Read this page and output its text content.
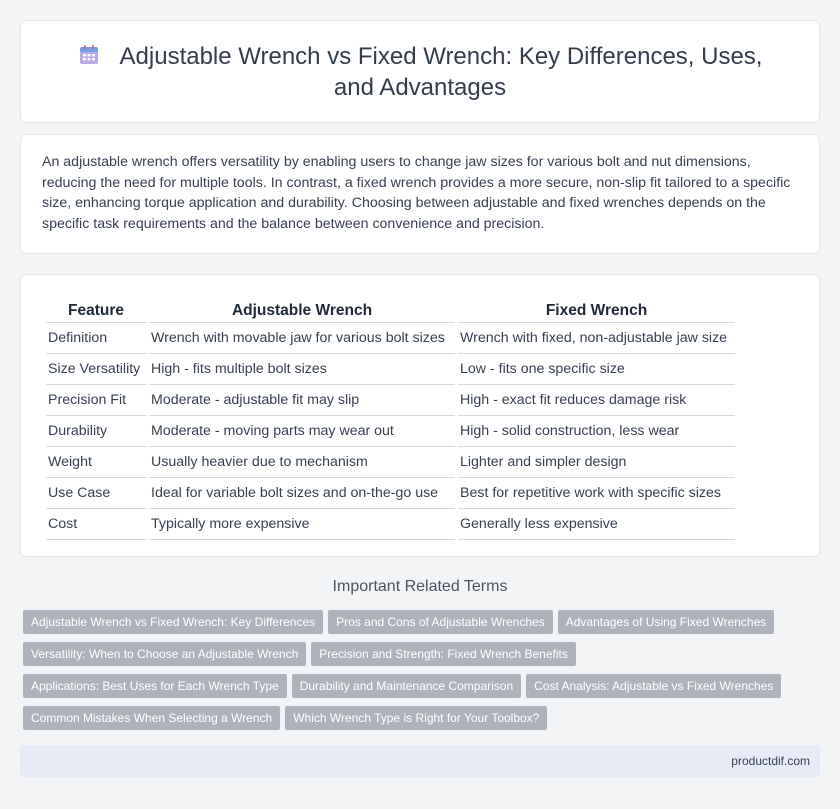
Adjustable Wrench vs Fixed Wrench: Key Differences, Uses, and Advantages

An adjustable wrench offers versatility by enabling users to change jaw sizes for various bolt and nut dimensions, reducing the need for multiple tools. In contrast, a fixed wrench provides a more secure, non-slip fit tailored to a specific size, enhancing torque application and durability. Choosing between adjustable and fixed wrenches depends on the specific task requirements and the balance between convenience and precision.

Feature	Adjustable Wrench	Fixed Wrench
Definition	Wrench with movable jaw for various bolt sizes	Wrench with fixed, non-adjustable jaw size
Size Versatility	High - fits multiple bolt sizes	Low - fits one specific size
Precision Fit	Moderate - adjustable fit may slip	High - exact fit reduces damage risk
Durability	Moderate - moving parts may wear out	High - solid construction, less wear
Weight	Usually heavier due to mechanism	Lighter and simpler design
Use Case	Ideal for variable bolt sizes and on-the-go use	Best for repetitive work with specific sizes
Cost	Typically more expensive	Generally less expensive
Important Related Terms
Adjustable Wrench vs Fixed Wrench: Key Differences Pros and Cons of Adjustable Wrenches Advantages of Using Fixed Wrenches
Versatility: When to Choose an Adjustable Wrench Precision and Strength: Fixed Wrench Benefits
Applications: Best Uses for Each Wrench Type Durability and Maintenance Comparison Cost Analysis: Adjustable vs Fixed Wrenches
Common Mistakes When Selecting a Wrench Which Wrench Type is Right for Your Toolbox?
productdif.com
